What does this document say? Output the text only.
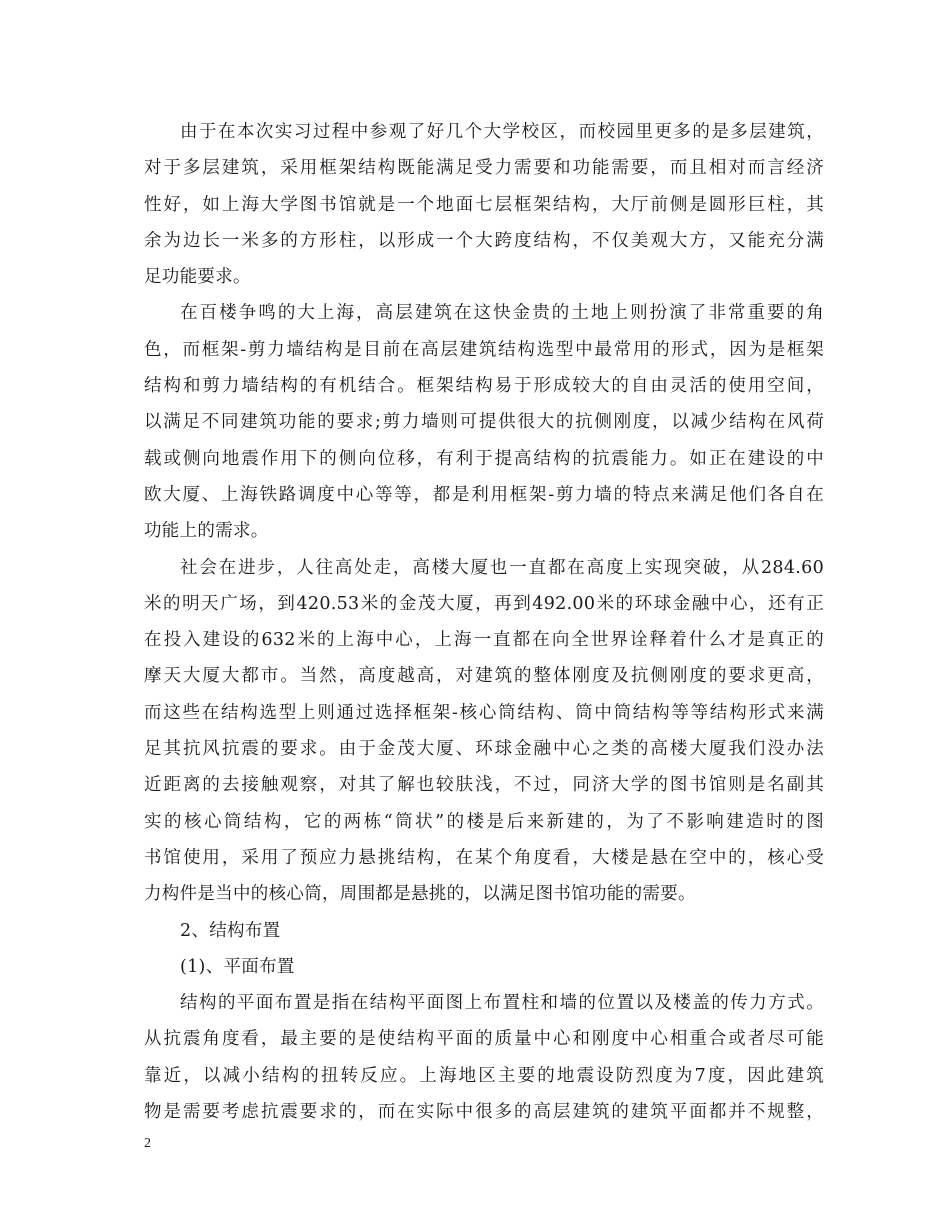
由于在本次实习过程中参观了好几个大学校区，而校园里更多的是多层建筑，
对于多层建筑，采用框架结构既能满足受力需要和功能需要，而且相对而言经济
性好，如上海大学图书馆就是一个地面七层框架结构，大厅前侧是圆形巨柱，其
余为边长一米多的方形柱，以形成一个大跨度结构，不仅美观大方，又能充分满
足功能要求。
在百楼争鸣的大上海，高层建筑在这快金贵的土地上则扮演了非常重要的角
色，而框架-剪力墙结构是目前在高层建筑结构选型中最常用的形式，因为是框架
结构和剪力墙结构的有机结合。框架结构易于形成较大的自由灵活的使用空间，
以满足不同建筑功能的要求;剪力墙则可提供很大的抗侧刚度，以减少结构在风荷
载或侧向地震作用下的侧向位移，有利于提高结构的抗震能力。如正在建设的中
欧大厦、上海铁路调度中心等等，都是利用框架-剪力墙的特点来满足他们各自在
功能上的需求。
社会在进步，人往高处走，高楼大厦也一直都在高度上实现突破，从284.60
米的明天广场，到420.53米的金茂大厦，再到492.00米的环球金融中心，还有正
在投入建设的632米的上海中心，上海一直都在向全世界诠释着什么才是真正的
摩天大厦大都市。当然，高度越高，对建筑的整体刚度及抗侧刚度的要求更高，
而这些在结构选型上则通过选择框架-核心筒结构、筒中筒结构等等结构形式来满
足其抗风抗震的要求。由于金茂大厦、环球金融中心之类的高楼大厦我们没办法
近距离的去接触观察，对其了解也较肤浅，不过，同济大学的图书馆则是名副其
实的核心筒结构，它的两栋“筒状”的楼是后来新建的，为了不影响建造时的图
书馆使用，采用了预应力悬挑结构，在某个角度看，大楼是悬在空中的，核心受
力构件是当中的核心筒，周围都是悬挑的，以满足图书馆功能的需要。
2、结构布置
(1)、平面布置
结构的平面布置是指在结构平面图上布置柱和墙的位置以及楼盖的传力方式。
从抗震角度看，最主要的是使结构平面的质量中心和刚度中心相重合或者尽可能
靠近，以减小结构的扭转反应。上海地区主要的地震设防烈度为7度，因此建筑
物是需要考虑抗震要求的，而在实际中很多的高层建筑的建筑平面都并不规整，
2
